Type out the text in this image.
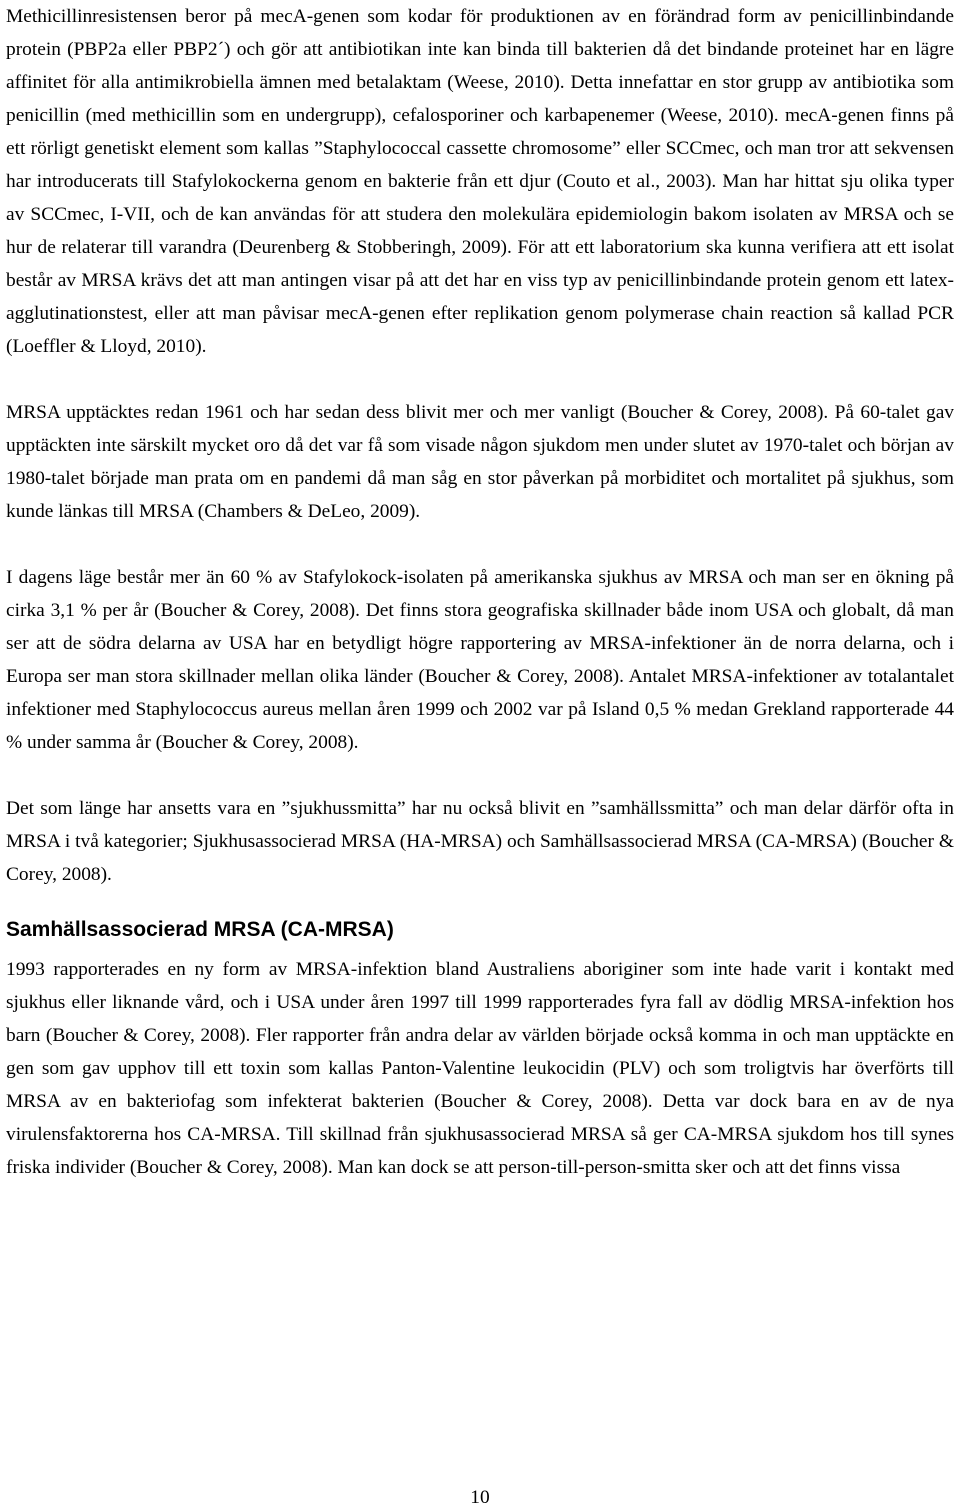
Methicillinresistensen beror på mecA-genen som kodar för produktionen av en förändrad form av penicillinbindande protein (PBP2a eller PBP2´) och gör att antibiotikan inte kan binda till bakterien då det bindande proteinet har en lägre affinitet för alla antimikrobiella ämnen med betalaktam (Weese, 2010). Detta innefattar en stor grupp av antibiotika som penicillin (med methicillin som en undergrupp), cefalosporiner och karbapenemer (Weese, 2010). mecA-genen finns på ett rörligt genetiskt element som kallas ”Staphylococcal cassette chromosome” eller SCCmec, och man tror att sekvensen har introducerats till Stafylokockerna genom en bakterie från ett djur (Couto et al., 2003). Man har hittat sju olika typer av SCCmec, I-VII, och de kan användas för att studera den molekulära epidemiologin bakom isolaten av MRSA och se hur de relaterar till varandra (Deurenberg & Stobberingh, 2009). För att ett laboratorium ska kunna verifiera att ett isolat består av MRSA krävs det att man antingen visar på att det har en viss typ av penicillinbindande protein genom ett latex-agglutinationstest, eller att man påvisar mecA-genen efter replikation genom polymerase chain reaction så kallad PCR (Loeffler & Lloyd, 2010).

MRSA upptäcktes redan 1961 och har sedan dess blivit mer och mer vanligt (Boucher & Corey, 2008). På 60-talet gav upptäckten inte särskilt mycket oro då det var få som visade någon sjukdom men under slutet av 1970-talet och början av 1980-talet började man prata om en pandemi då man såg en stor påverkan på morbiditet och mortalitet på sjukhus, som kunde länkas till MRSA (Chambers & DeLeo, 2009).

I dagens läge består mer än 60 % av Stafylokock-isolaten på amerikanska sjukhus av MRSA och man ser en ökning på cirka 3,1 % per år (Boucher & Corey, 2008). Det finns stora geografiska skillnader både inom USA och globalt, då man ser att de södra delarna av USA har en betydligt högre rapportering av MRSA-infektioner än de norra delarna, och i Europa ser man stora skillnader mellan olika länder (Boucher & Corey, 2008). Antalet MRSA-infektioner av totalantalet infektioner med Staphylococcus aureus mellan åren 1999 och 2002 var på Island 0,5 % medan Grekland rapporterade 44 % under samma år (Boucher & Corey, 2008).

Det som länge har ansetts vara en ”sjukhussmitta” har nu också blivit en ”samhällssmitta” och man delar därför ofta in MRSA i två kategorier; Sjukhusassocierad MRSA (HA-MRSA) och Samhällsassocierad MRSA (CA-MRSA) (Boucher & Corey, 2008).

Samhällsassocierad MRSA (CA-MRSA)

1993 rapporterades en ny form av MRSA-infektion bland Australiens aboriginer som inte hade varit i kontakt med sjukhus eller liknande vård, och i USA under åren 1997 till 1999 rapporterades fyra fall av dödlig MRSA-infektion hos barn (Boucher & Corey, 2008). Fler rapporter från andra delar av världen började också komma in och man upptäckte en gen som gav upphov till ett toxin som kallas Panton-Valentine leukocidin (PLV) och som troligtvis har överförts till MRSA av en bakteriofag som infekterat bakterien (Boucher & Corey, 2008). Detta var dock bara en av de nya virulensfaktorerna hos CA-MRSA. Till skillnad från sjukhusassocierad MRSA så ger CA-MRSA sjukdom hos till synes friska individer (Boucher & Corey, 2008). Man kan dock se att person-till-person-smitta sker och att det finns vissa

10
